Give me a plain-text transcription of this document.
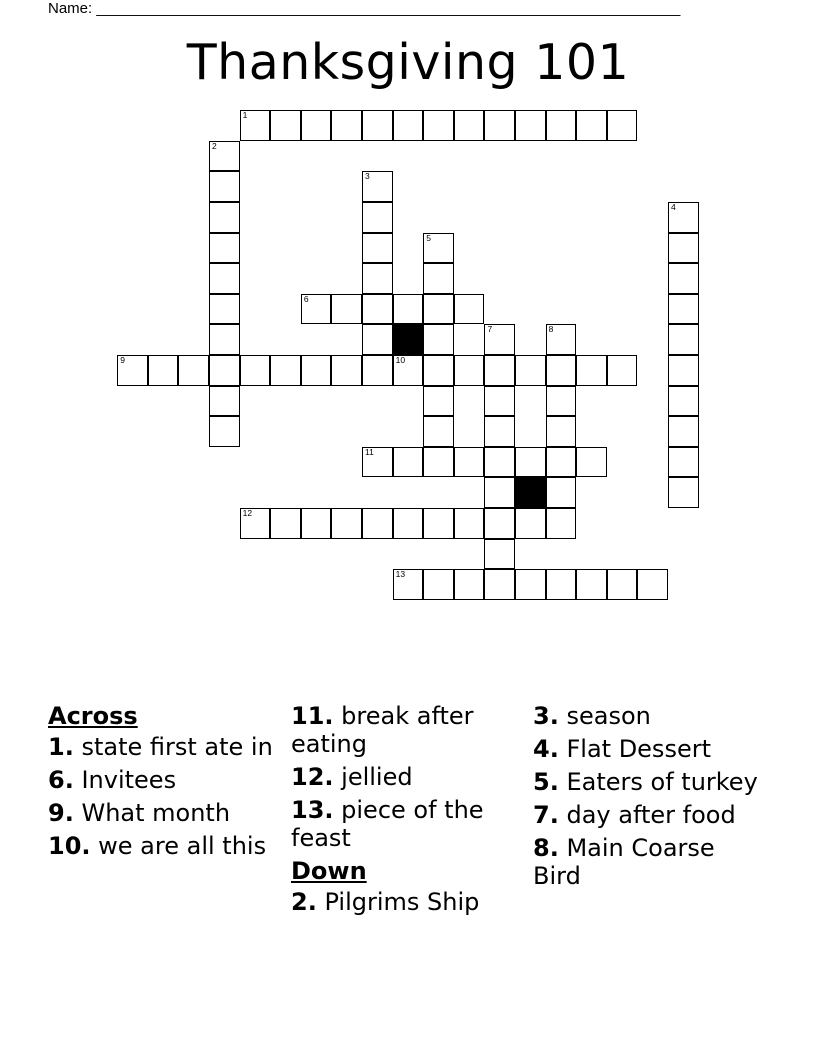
Name: ______________________________________________________________________
Thanksgiving 101
1
2
3
4
5
6
7	8
9	10
11
12
13
Across
1. state first ate in
6. Invitees
9. What month
10. we are all this
11. break after eating
12. jellied
13. piece of the feast
Down
2. Pilgrims Ship
3. season
4. Flat Dessert
5. Eaters of turkey
7. day after food
8. Main Coarse Bird
